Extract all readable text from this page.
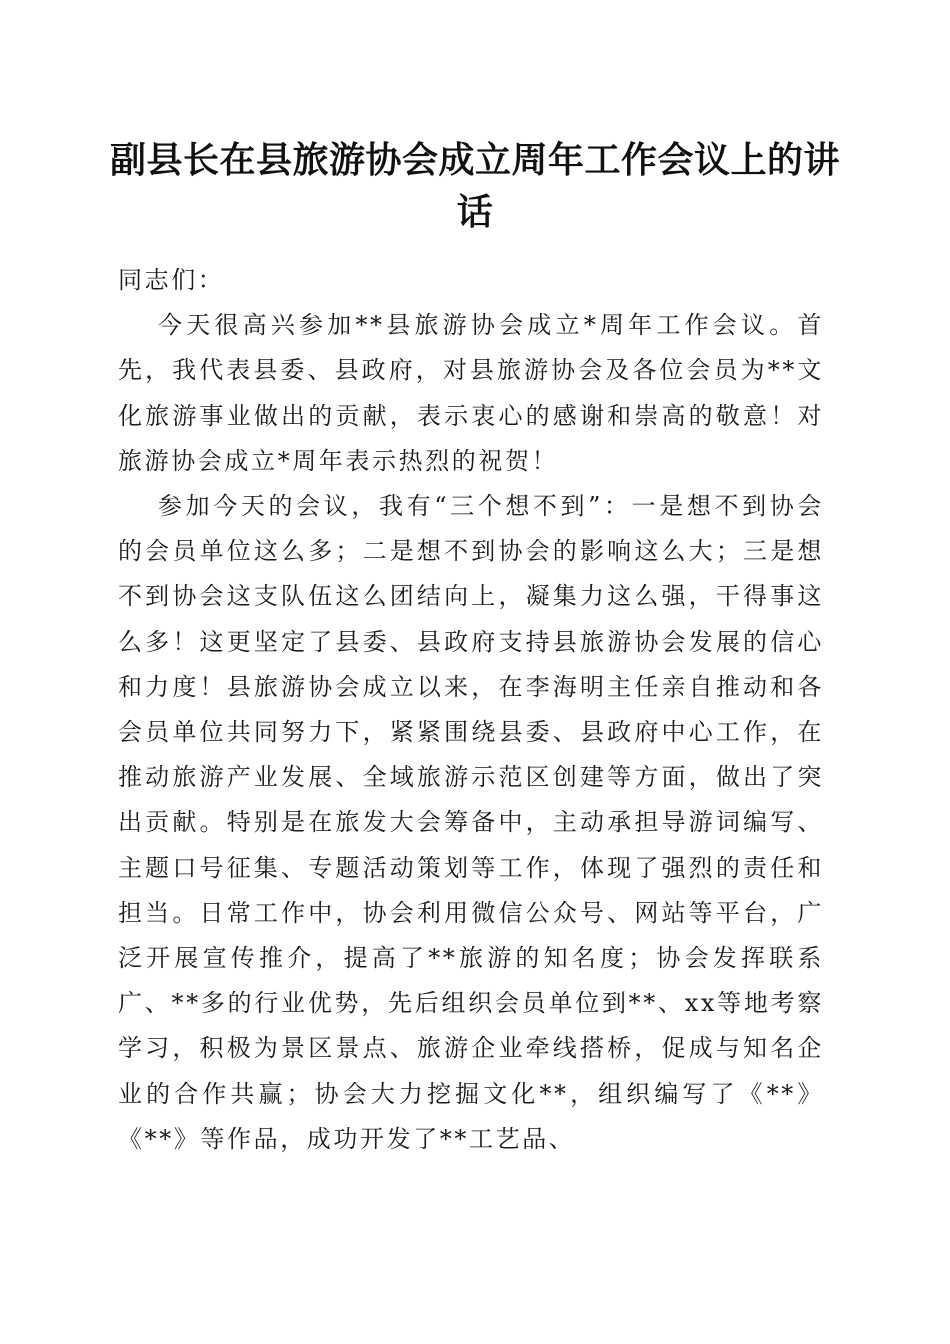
副县长在县旅游协会成立周年工作会议上的讲话

同志们：

今天很高兴参加**县旅游协会成立*周年工作会议。首先，我代表县委、县政府，对县旅游协会及各位会员为**文化旅游事业做出的贡献，表示衷心的感谢和崇高的敬意！对旅游协会成立*周年表示热烈的祝贺！

参加今天的会议，我有“三个想不到”：一是想不到协会的会员单位这么多；二是想不到协会的影响这么大；三是想不到协会这支队伍这么团结向上，凝集力这么强，干得事这么多！这更坚定了县委、县政府支持县旅游协会发展的信心和力度！县旅游协会成立以来，在李海明主任亲自推动和各会员单位共同努力下，紧紧围绕县委、县政府中心工作，在推动旅游产业发展、全域旅游示范区创建等方面，做出了突出贡献。特别是在旅发大会筹备中，主动承担导游词编写、主题口号征集、专题活动策划等工作，体现了强烈的责任和担当。日常工作中，协会利用微信公众号、网站等平台，广泛开展宣传推介，提高了**旅游的知名度；协会发挥联系广、**多的行业优势，先后组织会员单位到**、xx等地考察学习，积极为景区景点、旅游企业牵线搭桥，促成与知名企业的合作共赢；协会大力挖掘文化**，组织编写了《**》《**》等作品，成功开发了**工艺品、
